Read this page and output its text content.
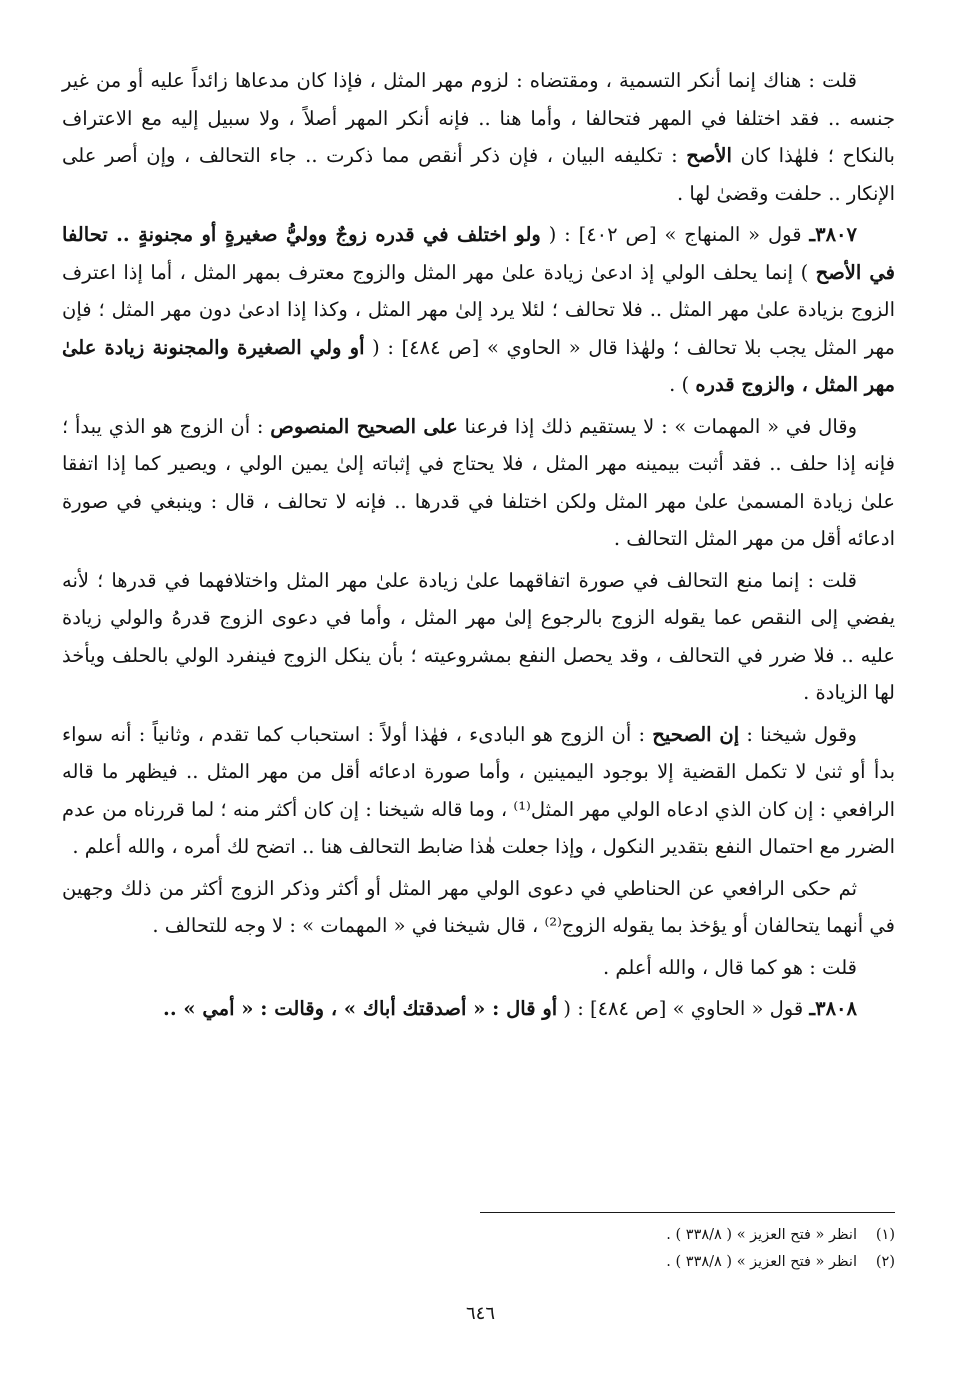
قلت : هناك إنما أنكر التسمية ، ومقتضاه : لزوم مهر المثل ، فإذا كان مدعاها زائداً عليه أو من غير جنسه .. فقد اختلفا في المهر فتحالفا ، وأما هنا .. فإنه أنكر المهر أصلاً ، ولا سبيل إليه مع الاعتراف بالنكاح ؛ فلهٰذا كان الأصح : تكليفه البيان ، فإن ذكر أنقص مما ذكرت .. جاء التحالف ، وإن أصر على الإنكار .. حلفت وقضىٰ لها .

٣٨٠٧ـ قول « المنهاج » [ص ٤٠٢] : ( ولو اختلف في قدره زوجٌ ووليُّ صغيرةٍ أو مجنونةٍ .. تحالفا في الأصح ) إنما يحلف الولي إذ ادعىٰ زيادة علىٰ مهر المثل والزوج معترف بمهر المثل ، أما إذا اعترف الزوج بزيادة علىٰ مهر المثل .. فلا تحالف ؛ لئلا يرد إلىٰ مهر المثل ، وكذا إذا ادعىٰ دون مهر المثل ؛ فإن مهر المثل يجب بلا تحالف ؛ ولهٰذا قال « الحاوي » [ص ٤٨٤] : ( أو ولي الصغيرة والمجنونة زيادة علىٰ مهر المثل ، والزوج قدره ) .

وقال في « المهمات » : لا يستقيم ذلك إذا فرعنا على الصحيح المنصوص : أن الزوج هو الذي يبدأ ؛ فإنه إذا حلف .. فقد أثبت بيمينه مهر المثل ، فلا يحتاج في إثباته إلىٰ يمين الولي ، ويصير كما إذا اتفقا علىٰ زيادة المسمىٰ علىٰ مهر المثل ولكن اختلفا في قدرها .. فإنه لا تحالف ، قال : وينبغي في صورة ادعائه أقل من مهر المثل التحالف .

قلت : إنما منع التحالف في صورة اتفاقهما علىٰ زيادة علىٰ مهر المثل واختلافهما في قدرها ؛ لأنه يفضي إلى النقص عما يقوله الزوج بالرجوع إلىٰ مهر المثل ، وأما في دعوى الزوج قدرهُ والولي زيادة عليه .. فلا ضرر في التحالف ، وقد يحصل النفع بمشروعيته ؛ بأن ينكل الزوج فينفرد الولي بالحلف ويأخذ لها الزيادة .

وقول شيخنا : إن الصحيح : أن الزوج هو البادىء ، فهٰذا أولاً : استحباب كما تقدم ، وثانياً : أنه سواء بدأ أو ثنىٰ لا تكمل القضية إلا بوجود اليمينين ، وأما صورة ادعائه أقل من مهر المثل .. فيظهر ما قاله الرافعي : إن كان الذي ادعاه الولي مهر المثل⁽¹⁾ ، وما قاله شيخنا : إن كان أكثر منه ؛ لما قررناه من عدم الضرر مع احتمال النفع بتقدير النكول ، وإذا جعلت هٰذا ضابط التحالف هنا .. اتضح لك أمره ، والله أعلم .

ثم حكى الرافعي عن الحناطي في دعوى الولي مهر المثل أو أكثر وذكر الزوج أكثر من ذلك وجهين في أنهما يتحالفان أو يؤخذ بما يقوله الزوج⁽²⁾ ، قال شيخنا في « المهمات » : لا وجه للتحالف .

قلت : هو كما قال ، والله أعلم .

٣٨٠٨ـ قول « الحاوي » [ص ٤٨٤] : ( أو قال : « أصدقتك أباك » ، وقالت : « أمي » ..

(١)
انظر « فتح العزيز » ( ٣٣٨/٨ ) .
(٢)
انظر « فتح العزيز » ( ٣٣٨/٨ ) .
٦٤٦
